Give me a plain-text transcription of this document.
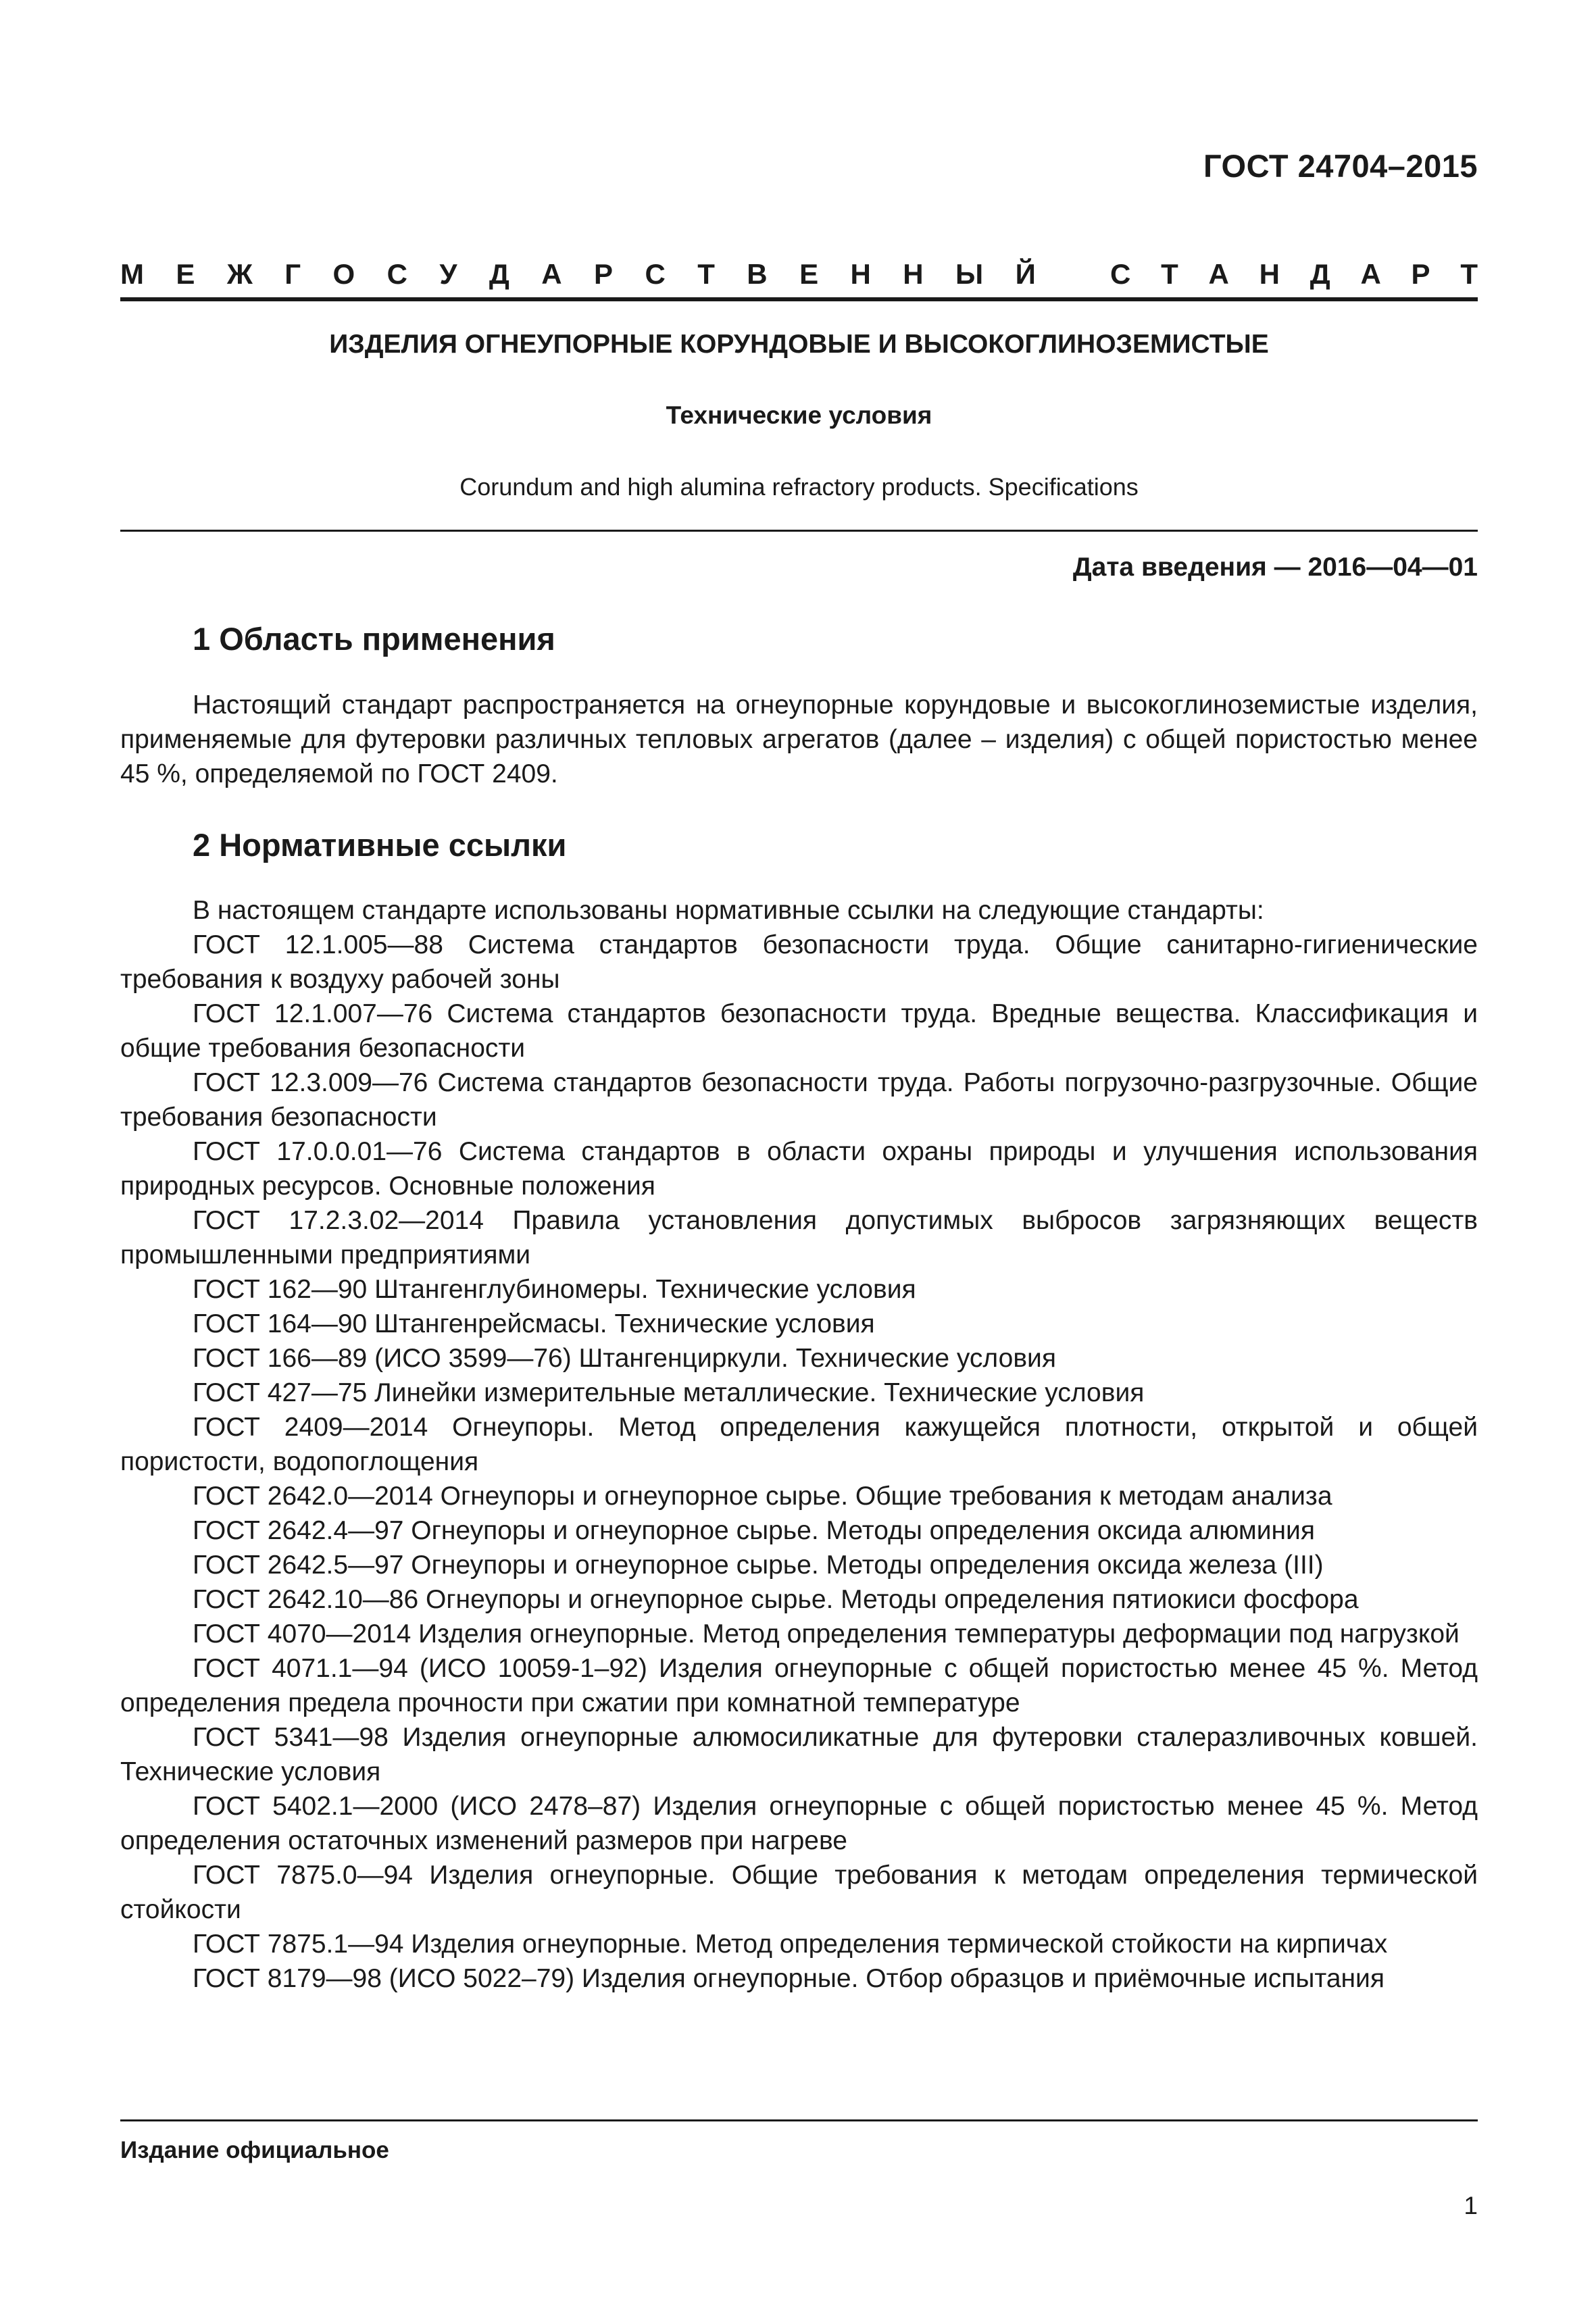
ГОСТ 24704–2015
М Е Ж Г О С У Д А Р С Т В Е Н Н Ы Й	С Т А Н Д А Р Т
ИЗДЕЛИЯ ОГНЕУПОРНЫЕ КОРУНДОВЫЕ И ВЫСОКОГЛИНОЗЕМИСТЫЕ
Технические условия
Corundum and high alumina refractory products. Specifications
Дата введения — 2016—04—01
1 Область применения

Настоящий стандарт распространяется на огнеупорные корундовые и высокоглиноземистые изделия, применяемые для футеровки различных тепловых агрегатов (далее – изделия) с общей пористостью менее 45 %, определяемой по ГОСТ 2409.

2 Нормативные ссылки

В настоящем стандарте использованы нормативные ссылки на следующие стандарты:

ГОСТ 12.1.005—88 Система стандартов безопасности труда. Общие санитарно-гигиенические требования к воздуху рабочей зоны

ГОСТ 12.1.007—76 Система стандартов безопасности труда. Вредные вещества. Классификация и общие требования безопасности

ГОСТ 12.3.009—76 Система стандартов безопасности труда. Работы погрузочно-разгрузочные. Общие требования безопасности

ГОСТ 17.0.0.01—76 Система стандартов в области охраны природы и улучшения использования природных ресурсов. Основные положения

ГОСТ 17.2.3.02—2014 Правила установления допустимых выбросов загрязняющих веществ промышленными предприятиями

ГОСТ 162—90 Штангенглубиномеры. Технические условия

ГОСТ 164—90 Штангенрейсмасы. Технические условия

ГОСТ 166—89 (ИСО 3599—76) Штангенциркули. Технические условия

ГОСТ 427—75 Линейки измерительные металлические. Технические условия

ГОСТ 2409—2014 Огнеупоры. Метод определения кажущейся плотности, открытой и общей пористости, водопоглощения

ГОСТ 2642.0—2014 Огнеупоры и огнеупорное сырье. Общие требования к методам анализа

ГОСТ 2642.4—97 Огнеупоры и огнеупорное сырье. Методы определения оксида алюминия

ГОСТ 2642.5—97 Огнеупоры и огнеупорное сырье. Методы определения оксида железа (III)

ГОСТ 2642.10—86 Огнеупоры и огнеупорное сырье. Методы определения пятиокиси фосфора

ГОСТ 4070—2014 Изделия огнеупорные. Метод определения температуры деформации под нагрузкой

ГОСТ 4071.1—94 (ИСО 10059-1–92) Изделия огнеупорные с общей пористостью менее 45 %. Метод определения предела прочности при сжатии при комнатной температуре

ГОСТ 5341—98 Изделия огнеупорные алюмосиликатные для футеровки сталеразливочных ковшей. Технические условия

ГОСТ 5402.1—2000 (ИСО 2478–87) Изделия огнеупорные с общей пористостью менее 45 %. Метод определения остаточных изменений размеров при нагреве

ГОСТ 7875.0—94 Изделия огнеупорные. Общие требования к методам определения термической стойкости

ГОСТ 7875.1—94 Изделия огнеупорные. Метод определения термической стойкости на кирпичах

ГОСТ 8179—98 (ИСО 5022–79) Изделия огнеупорные. Отбор образцов и приёмочные испытания

Издание официальное
1
